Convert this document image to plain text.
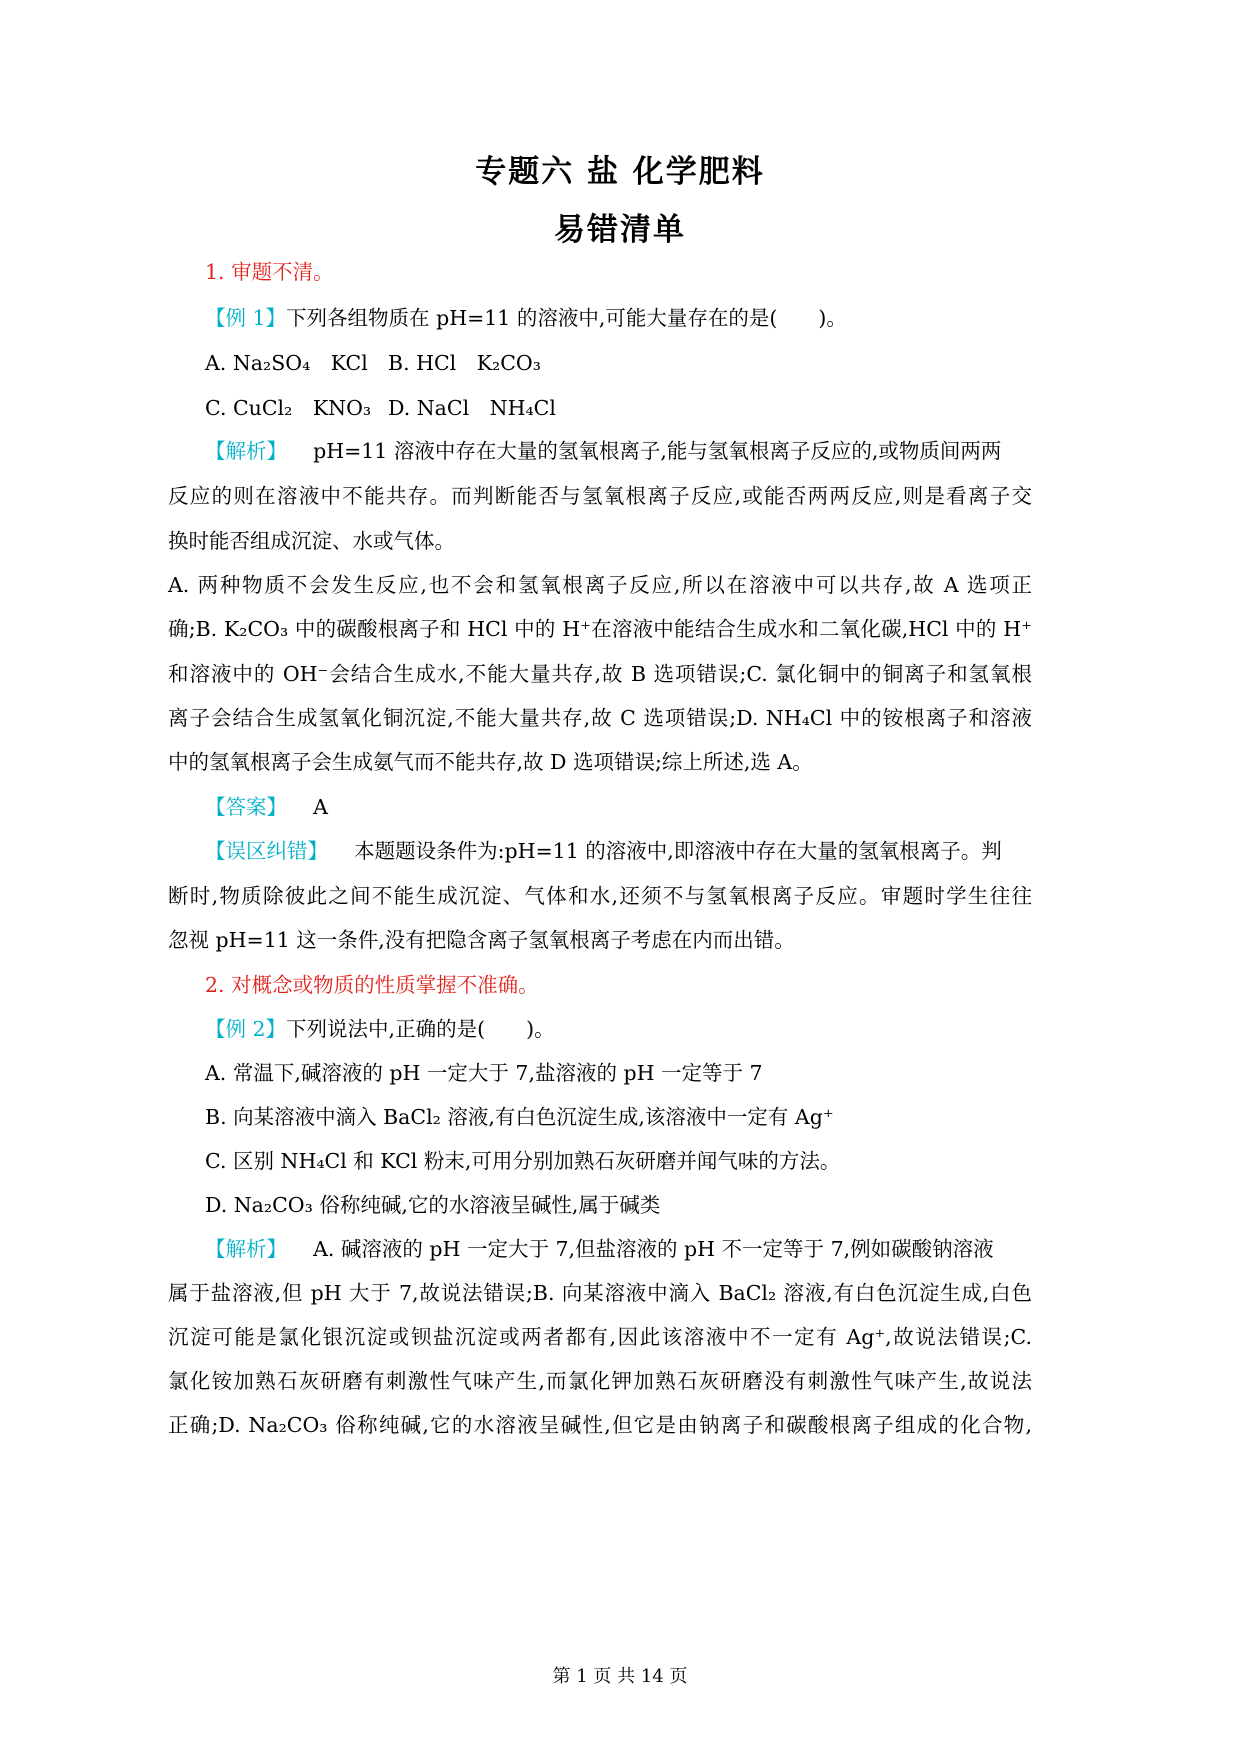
专题六 盐 化学肥料
易错清单
1. 审题不清。
【例 1】下列各组物质在 pH=11 的溶液中,可能大量存在的是(　　)。
A. Na₂SO₄　KCl B. HCl　K₂CO₃
C. CuCl₂　KNO₃ D. NaCl　NH₄Cl
【解析】 pH=11 溶液中存在大量的氢氧根离子,能与氢氧根离子反应的,或物质间两两
反应的则在溶液中不能共存。而判断能否与氢氧根离子反应,或能否两两反应,则是看离子交
换时能否组成沉淀、水或气体。
A. 两种物质不会发生反应,也不会和氢氧根离子反应,所以在溶液中可以共存,故 A 选项正
确;B. K₂CO₃ 中的碳酸根离子和 HCl 中的 H⁺在溶液中能结合生成水和二氧化碳,HCl 中的 H⁺
和溶液中的 OH⁻会结合生成水,不能大量共存,故 B 选项错误;C. 氯化铜中的铜离子和氢氧根
离子会结合生成氢氧化铜沉淀,不能大量共存,故 C 选项错误;D. NH₄Cl 中的铵根离子和溶液
中的氢氧根离子会生成氨气而不能共存,故 D 选项错误;综上所述,选 A。
【答案】 A
【误区纠错】 本题题设条件为:pH=11 的溶液中,即溶液中存在大量的氢氧根离子。判
断时,物质除彼此之间不能生成沉淀、气体和水,还须不与氢氧根离子反应。审题时学生往往
忽视 pH=11 这一条件,没有把隐含离子氢氧根离子考虑在内而出错。
2. 对概念或物质的性质掌握不准确。
【例 2】下列说法中,正确的是(　　)。
A. 常温下,碱溶液的 pH 一定大于 7,盐溶液的 pH 一定等于 7
B. 向某溶液中滴入 BaCl₂ 溶液,有白色沉淀生成,该溶液中一定有 Ag⁺
C. 区别 NH₄Cl 和 KCl 粉末,可用分别加熟石灰研磨并闻气味的方法。
D. Na₂CO₃ 俗称纯碱,它的水溶液呈碱性,属于碱类
【解析】 A. 碱溶液的 pH 一定大于 7,但盐溶液的 pH 不一定等于 7,例如碳酸钠溶液
属于盐溶液,但 pH 大于 7,故说法错误;B. 向某溶液中滴入 BaCl₂ 溶液,有白色沉淀生成,白色
沉淀可能是氯化银沉淀或钡盐沉淀或两者都有,因此该溶液中不一定有 Ag⁺,故说法错误;C.
氯化铵加熟石灰研磨有刺激性气味产生,而氯化钾加熟石灰研磨没有刺激性气味产生,故说法
正确;D. Na₂CO₃ 俗称纯碱,它的水溶液呈碱性,但它是由钠离子和碳酸根离子组成的化合物,
第 1 页 共 14 页
